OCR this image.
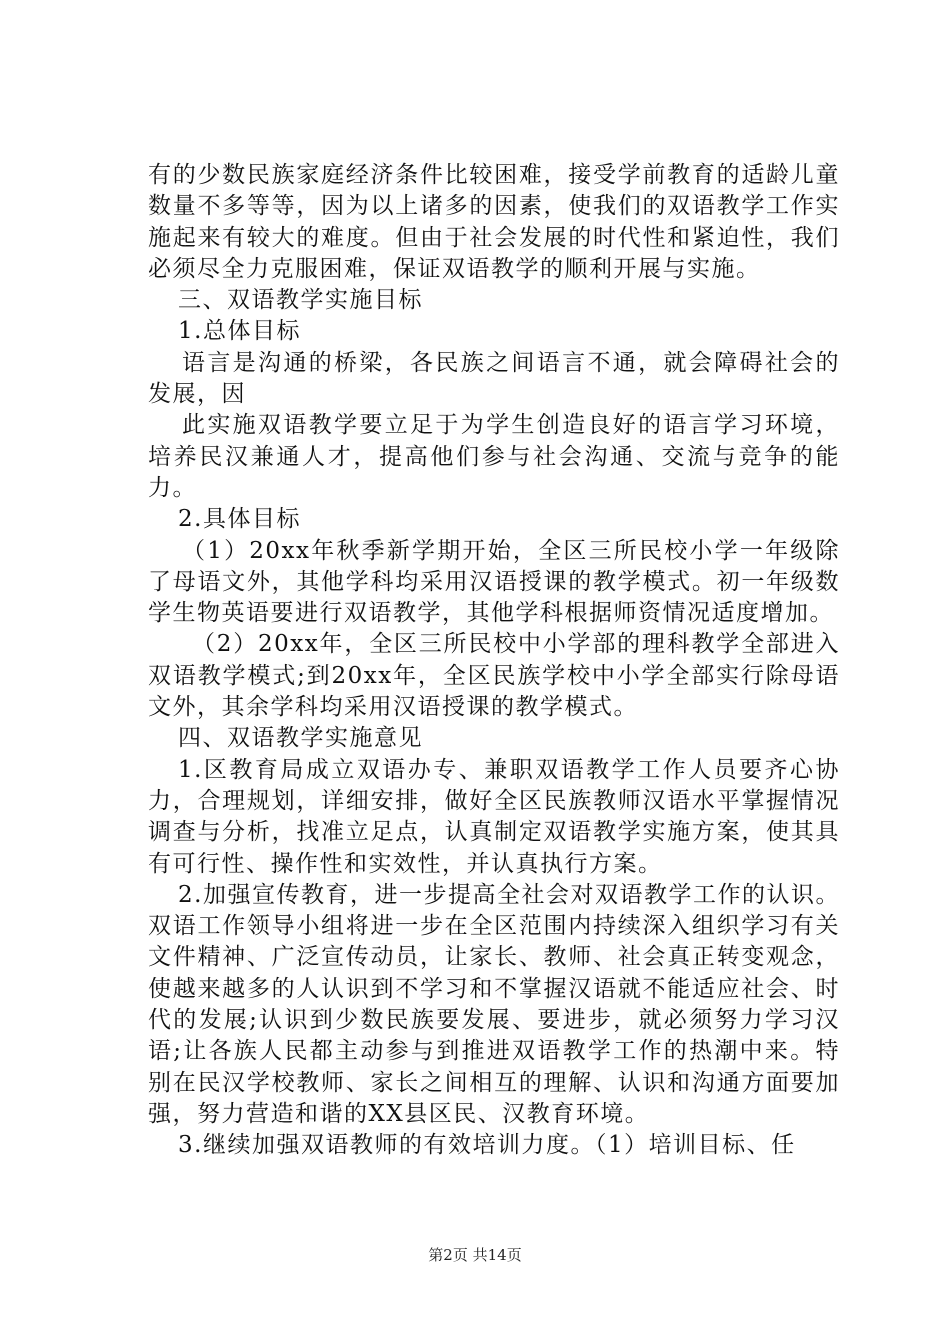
有的少数民族家庭经济条件比较困难，接受学前教育的适龄儿童数量不多等等，因为以上诸多的因素，使我们的双语教学工作实施起来有较大的难度。但由于社会发展的时代性和紧迫性，我们必须尽全力克服困难，保证双语教学的顺利开展与实施。

三、双语教学实施目标

1.总体目标

语言是沟通的桥梁，各民族之间语言不通，就会障碍社会的发展，因

此实施双语教学要立足于为学生创造良好的语言学习环境，培养民汉兼通人才，提高他们参与社会沟通、交流与竞争的能力。

2.具体目标

（1）20xx年秋季新学期开始，全区三所民校小学一年级除了母语文外，其他学科均采用汉语授课的教学模式。初一年级数学生物英语要进行双语教学，其他学科根据师资情况适度增加。

（2）20xx年，全区三所民校中小学部的理科教学全部进入双语教学模式;到20xx年，全区民族学校中小学全部实行除母语文外，其余学科均采用汉语授课的教学模式。

四、双语教学实施意见

1.区教育局成立双语办专、兼职双语教学工作人员要齐心协力，合理规划，详细安排，做好全区民族教师汉语水平掌握情况调查与分析，找准立足点，认真制定双语教学实施方案，使其具有可行性、操作性和实效性，并认真执行方案。

2.加强宣传教育，进一步提高全社会对双语教学工作的认识。双语工作领导小组将进一步在全区范围内持续深入组织学习有关文件精神、广泛宣传动员，让家长、教师、社会真正转变观念，使越来越多的人认识到不学习和不掌握汉语就不能适应社会、时代的发展;认识到少数民族要发展、要进步，就必须努力学习汉语;让各族人民都主动参与到推进双语教学工作的热潮中来。特别在民汉学校教师、家长之间相互的理解、认识和沟通方面要加强，努力营造和谐的XX县区民、汉教育环境。

3.继续加强双语教师的有效培训力度。（1）培训目标、任

第2页 共14页
